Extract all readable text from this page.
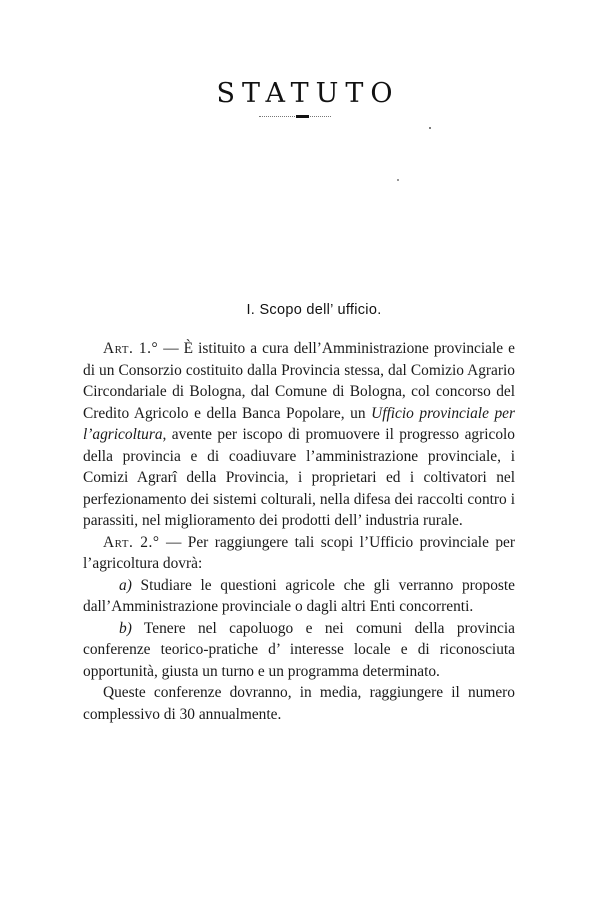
STATUTO
I. Scopo dell’ ufficio.

Art. 1.° — È istituito a cura dell’Amministrazione provinciale e di un Consorzio costituito dalla Provincia stessa, dal Comizio Agrario Circondariale di Bologna, dal Comune di Bologna, col concorso del Credito Agricolo e della Banca Popolare, un Ufficio provinciale per l’agricoltura, avente per iscopo di promuovere il progresso agricolo della provincia e di coadiuvare l’amministrazione provinciale, i Comizi Agrarî della Provincia, i proprietari ed i coltivatori nel perfezionamento dei sistemi colturali, nella difesa dei raccolti contro i parassiti, nel miglioramento dei prodotti dell’ industria rurale.

Art. 2.° — Per raggiungere tali scopi l’Ufficio provinciale per l’agricoltura dovrà:

a) Studiare le questioni agricole che gli verranno proposte dall’Amministrazione provinciale o dagli altri Enti concorrenti.

b) Tenere nel capoluogo e nei comuni della provincia conferenze teorico-pratiche d’ interesse locale e di riconosciuta opportunità, giusta un turno e un programma determinato.

Queste conferenze dovranno, in media, raggiungere il numero complessivo di 30 annualmente.
